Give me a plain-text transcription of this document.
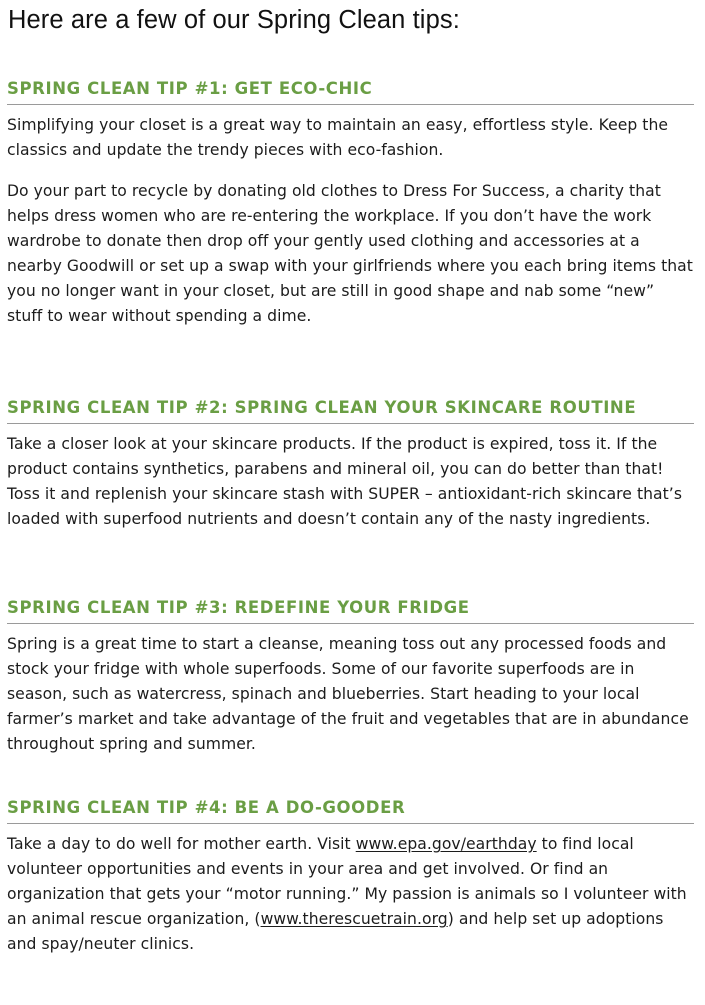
Here are a few of our Spring Clean tips:
SPRING CLEAN TIP #1: GET ECO-CHIC

Simplifying your closet is a great way to maintain an easy, effortless style. Keep the classics and update the trendy pieces with eco-fashion.

Do your part to recycle by donating old clothes to Dress For Success, a charity that helps dress women who are re-entering the workplace. If you don’t have the work wardrobe to donate then drop off your gently used clothing and accessories at a nearby Goodwill or set up a swap with your girlfriends where you each bring items that you no longer want in your closet, but are still in good shape and nab some “new” stuff to wear without spending a dime.

SPRING CLEAN TIP #2: SPRING CLEAN YOUR SKINCARE ROUTINE

Take a closer look at your skincare products. If the product is expired, toss it. If the product contains synthetics, parabens and mineral oil, you can do better than that! Toss it and replenish your skincare stash with SUPER – antioxidant-rich skincare that’s loaded with superfood nutrients and doesn’t contain any of the nasty ingredients.

SPRING CLEAN TIP #3: REDEFINE YOUR FRIDGE

Spring is a great time to start a cleanse, meaning toss out any processed foods and stock your fridge with whole superfoods. Some of our favorite superfoods are in season, such as watercress, spinach and blueberries. Start heading to your local farmer’s market and take advantage of the fruit and vegetables that are in abundance throughout spring and summer.

SPRING CLEAN TIP #4: BE A DO-GOODER

Take a day to do well for mother earth. Visit www.epa.gov/earthday to find local volunteer opportunities and events in your area and get involved. Or find an organization that gets your “motor running.” My passion is animals so I volunteer with an animal rescue organization, (www.therescuetrain.org) and help set up adoptions and spay/neuter clinics.
